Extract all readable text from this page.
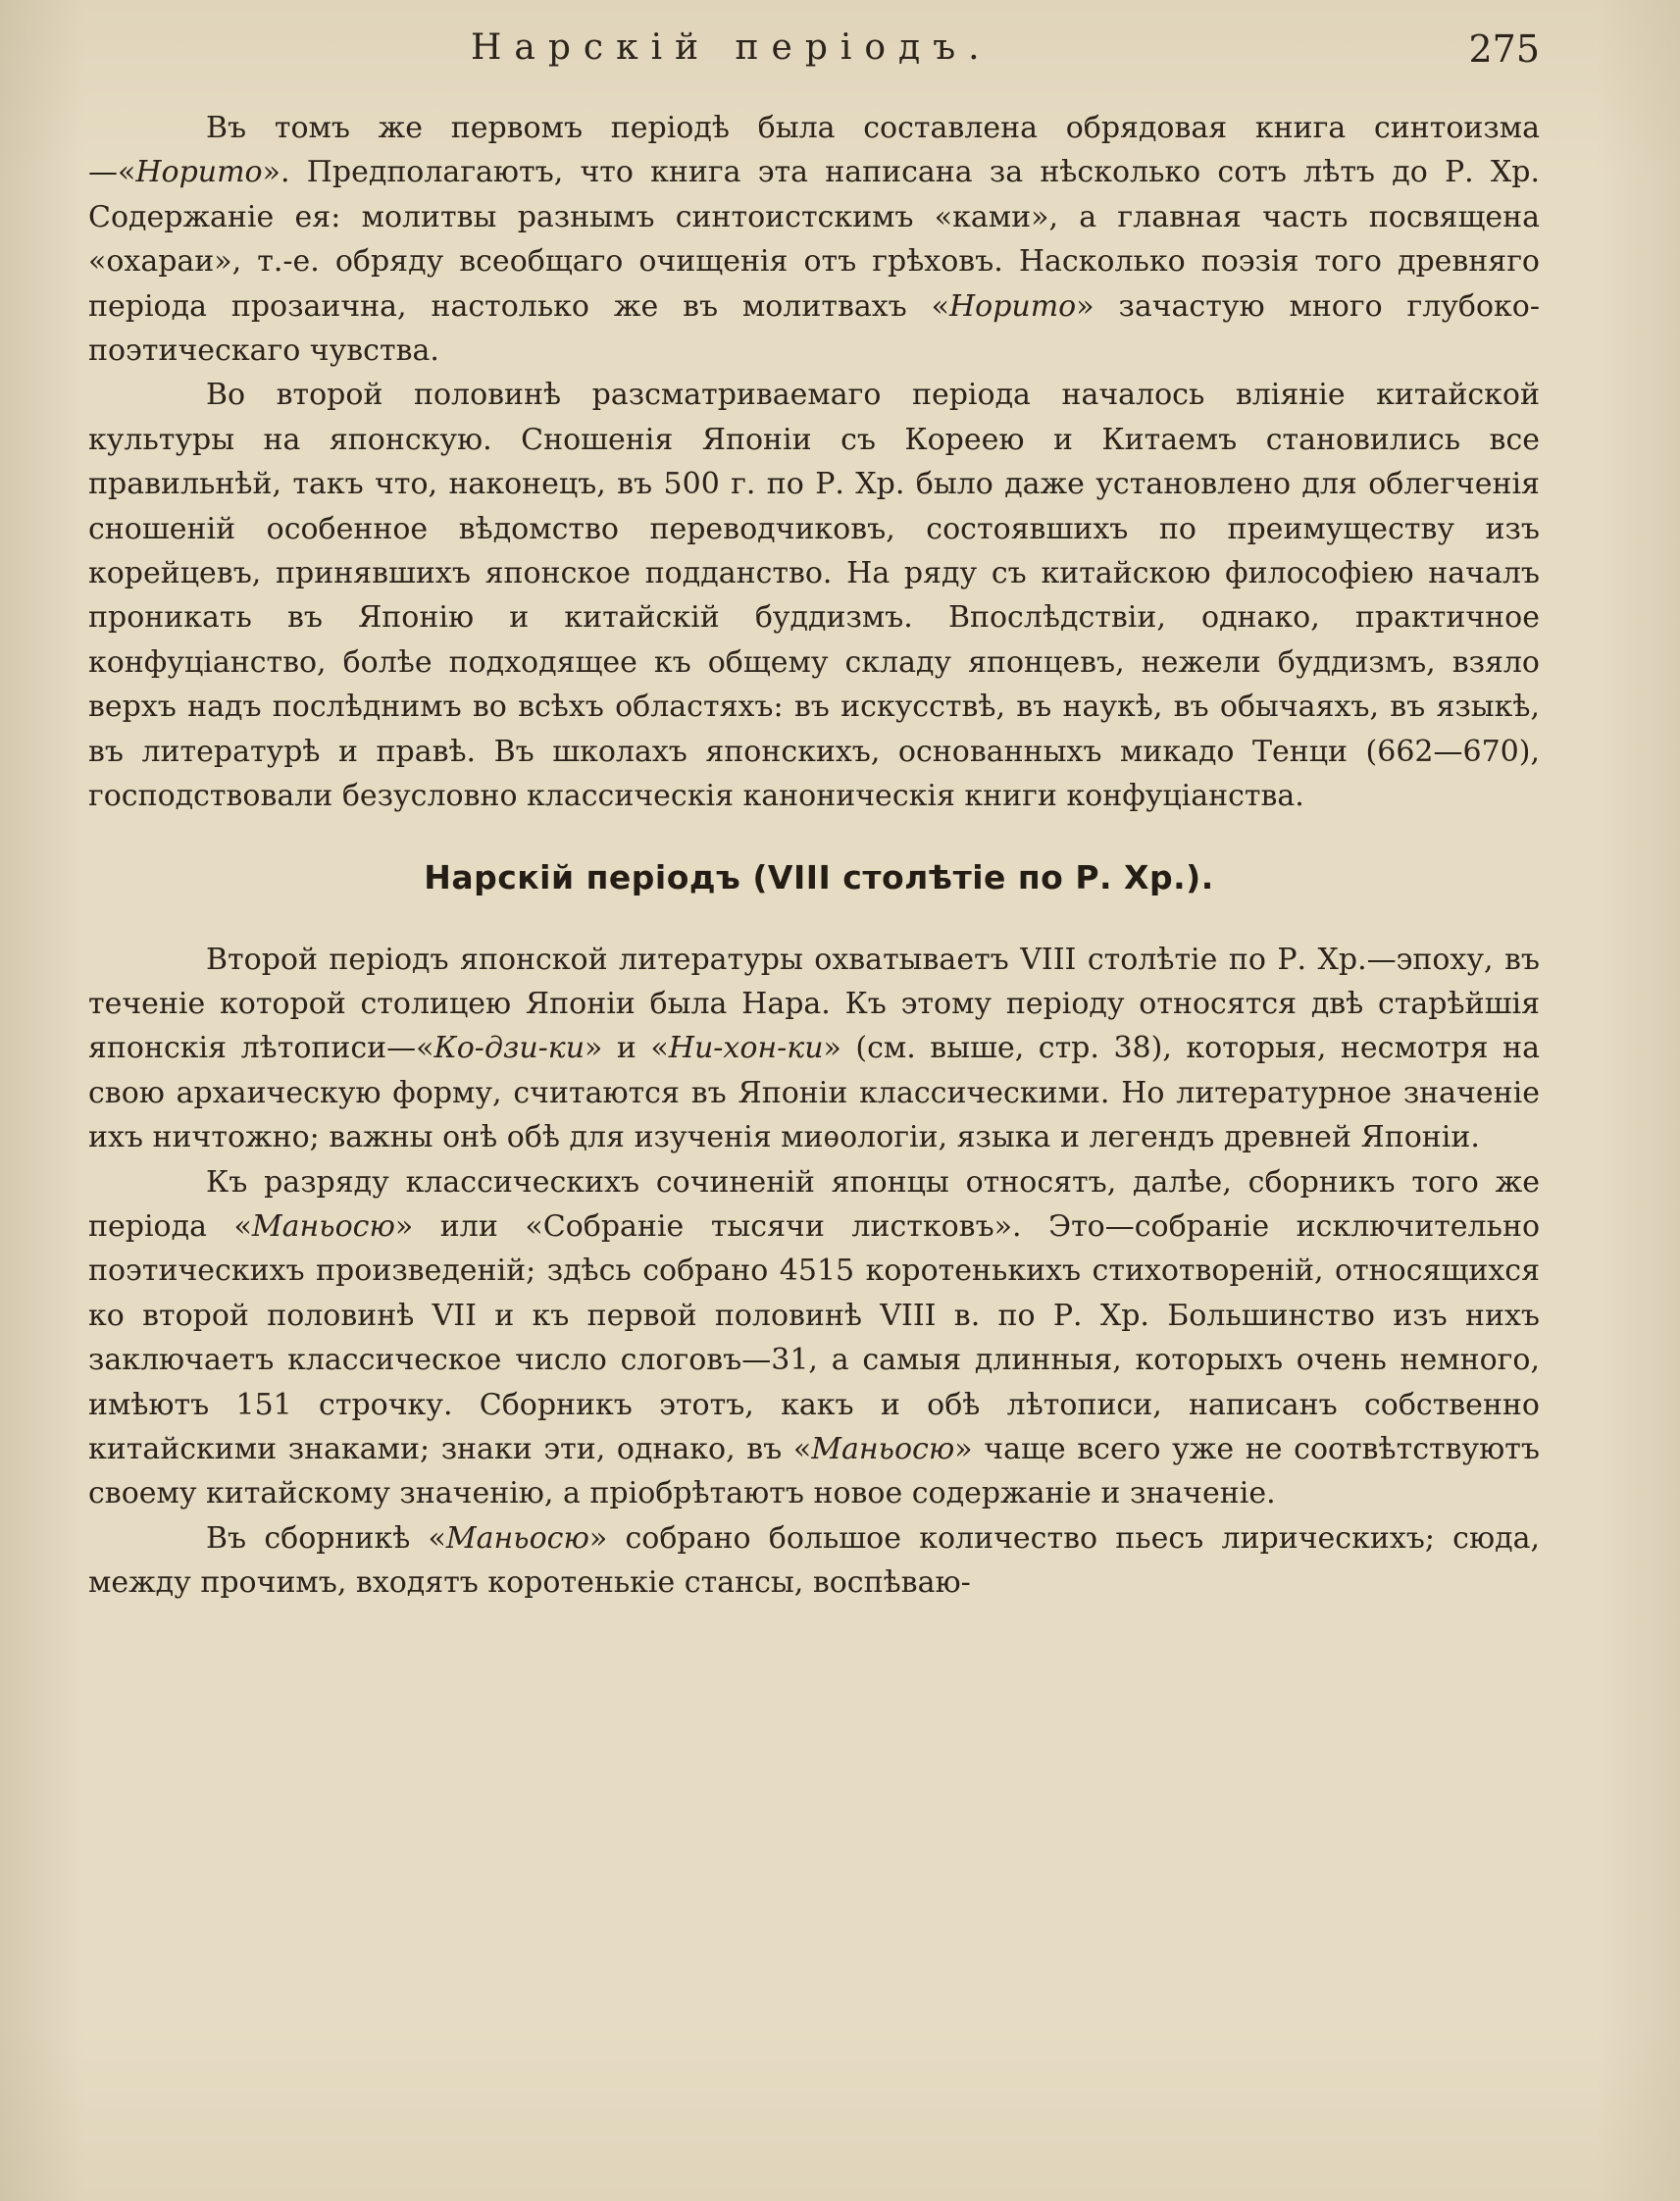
Нарскій періодъ.	275

Въ томъ же первомъ періодѣ была составлена обрядовая книга синтоизма—«Норито». Предполагаютъ, что книга эта написана за нѣсколько сотъ лѣтъ до Р. Хр. Содержаніе ея: молитвы разнымъ синтоистскимъ «ками», а главная часть посвящена «охараи», т.-е. обряду всеобщаго очищенія отъ грѣховъ. Насколько поэзія того древняго періода прозаична, настолько же въ молитвахъ «Норито» зачастую много глубоко-поэтическаго чувства.

Во второй половинѣ разсматриваемаго періода началось вліяніе китайской культуры на японскую. Сношенія Японіи съ Кореею и Китаемъ становились все правильнѣй, такъ что, наконецъ, въ 500 г. по Р. Хр. было даже установлено для облегченія сношеній особенное вѣдомство переводчиковъ, состоявшихъ по преимуществу изъ корейцевъ, принявшихъ японское подданство. На ряду съ китайскою философіею началъ проникать въ Японію и китайскій буддизмъ. Впослѣдствіи, однако, практичное конфуціанство, болѣе подходящее къ общему складу японцевъ, нежели буддизмъ, взяло верхъ надъ послѣднимъ во всѣхъ областяхъ: въ искусствѣ, въ наукѣ, въ обычаяхъ, въ языкѣ, въ литературѣ и правѣ. Въ школахъ японскихъ, основанныхъ микадо Тенци (662—670), господствовали безусловно классическія каноническія книги конфуціанства.

Нарскій періодъ (VIII столѣтіе по Р. Хр.).

Второй періодъ японской литературы охватываетъ VIII столѣтіе по Р. Хр.—эпоху, въ теченіе которой столицею Японіи была Нара. Къ этому періоду относятся двѣ старѣйшія японскія лѣтописи—«Ко-дзи-ки» и «Ни-хон-ки» (см. выше, стр. 38), которыя, несмотря на свою архаическую форму, считаются въ Японіи классическими. Но литературное значеніе ихъ ничтожно; важны онѣ обѣ для изученія миѳологіи, языка и легендъ древней Японіи.

Къ разряду классическихъ сочиненій японцы относятъ, далѣе, сборникъ того же періода «Маньосю» или «Собраніе тысячи листковъ». Это—собраніе исключительно поэтическихъ произведеній; здѣсь собрано 4515 коротенькихъ стихотвореній, относящихся ко второй половинѣ VII и къ первой половинѣ VIII в. по Р. Хр. Большинство изъ нихъ заключаетъ классическое число слоговъ—31, а самыя длинныя, которыхъ очень немного, имѣютъ 151 строчку. Сборникъ этотъ, какъ и обѣ лѣтописи, написанъ собственно китайскими знаками; знаки эти, однако, въ «Маньосю» чаще всего уже не соотвѣтствуютъ своему китайскому значенію, а пріобрѣтаютъ новое содержаніе и значеніе.

Въ сборникѣ «Маньосю» собрано большое количество пьесъ лирическихъ; сюда, между прочимъ, входятъ коротенькіе стансы, воспѣваю-
